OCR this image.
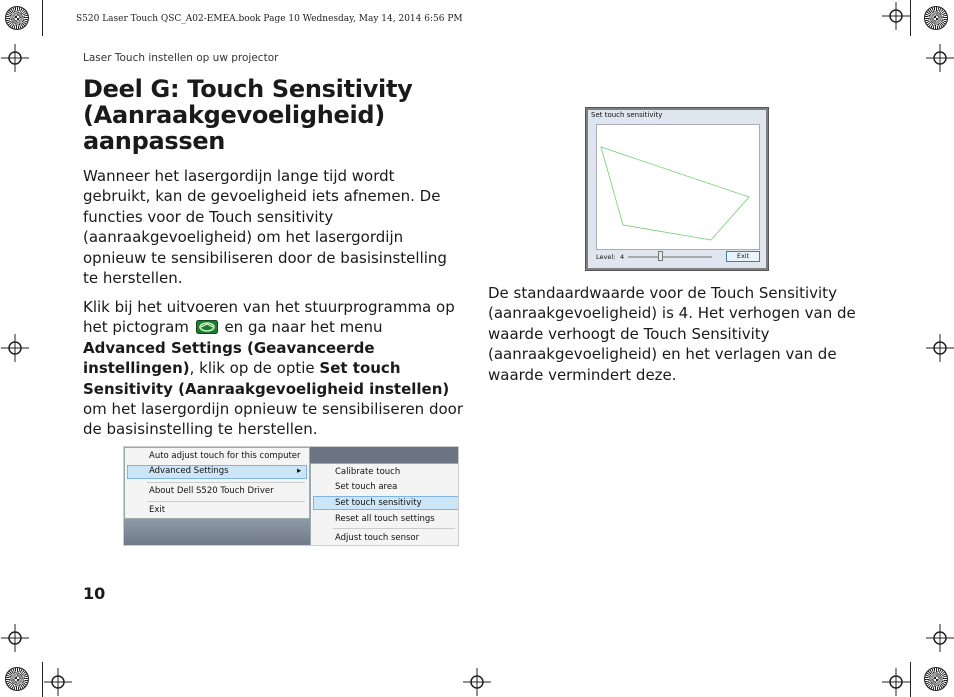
S520 Laser Touch QSC_A02-EMEA.book Page 10 Wednesday, May 14, 2014 6:56 PM
Laser Touch instellen op uw projector
Deel G: Touch Sensitivity (Aanraakgevoeligheid) aanpassen

Wanneer het lasergordijn lange tijd wordt gebruikt, kan de gevoeligheid iets afnemen. De functies voor de Touch sensitivity (aanraakgevoeligheid) om het lasergordijn opnieuw te sensibiliseren door de basisinstelling te herstellen.

Klik bij het uitvoeren van het stuurprogramma op het pictogram en ga naar het menu Advanced Settings (Geavanceerde instellingen), klik op de optie Set touch Sensitivity (Aanraakgevoeligheid instellen) om het lasergordijn opnieuw te sensibiliseren door de basisinstelling te herstellen.

De standaardwaarde voor de Touch Sensitivity (aanraakgevoeligheid) is 4. Het verhogen van de waarde verhoogt de Touch Sensitivity (aanraakgevoeligheid) en het verlagen van de waarde vermindert deze.

10
Auto adjust touch for this computer
Advanced Settings	▸
About Dell S520 Touch Driver
Exit
Calibrate touch
Set touch area
Set touch sensitivity
Reset all touch settings
Adjust touch sensor
Set touch sensitivity
Level: 4	Exit
